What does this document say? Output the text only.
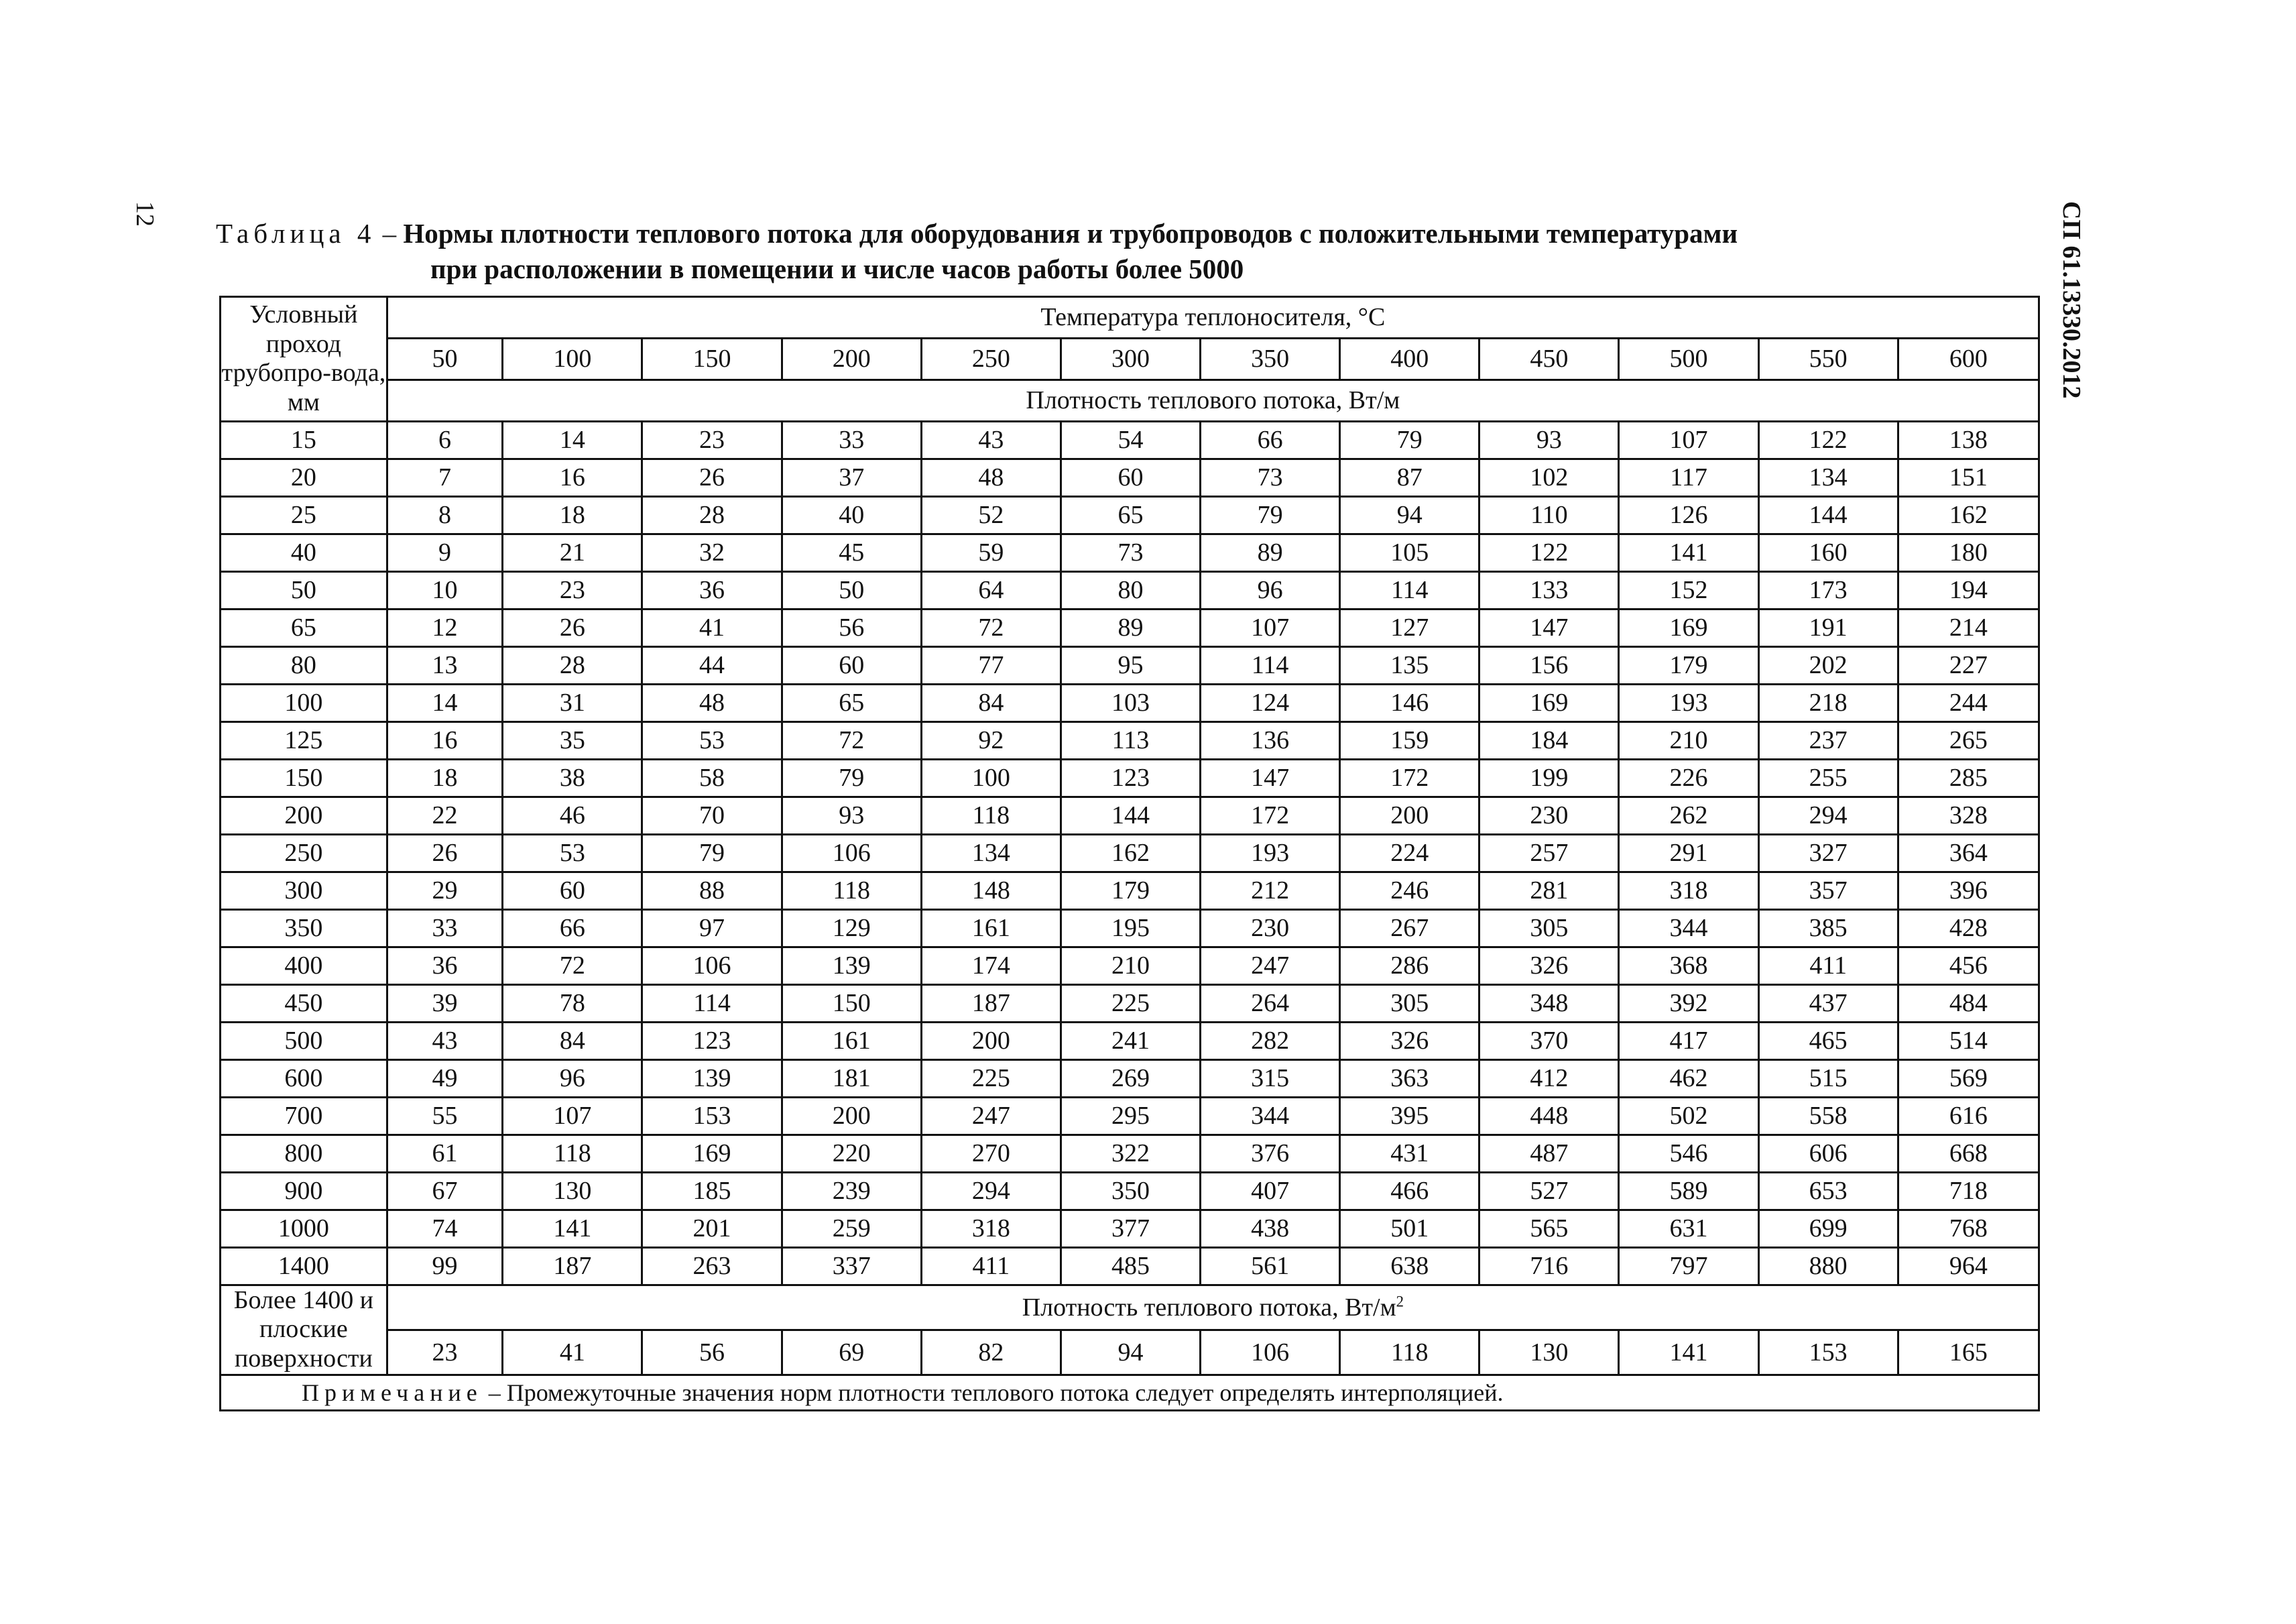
12	СП 61.13330.2012
Таблица 4 – Нормы плотности теплового потока для оборудования и трубопроводов с положительными температурами
при расположении в помещении и числе часов работы более 5000
Условный проход трубопро-вода, мм	Температура теплоносителя, °С											
	50	100	150	200	250	300	350	400	450	500	550	600
	Плотность теплового потока, Вт/м											
15	6	14	23	33	43	54	66	79	93	107	122	138
20	7	16	26	37	48	60	73	87	102	117	134	151
25	8	18	28	40	52	65	79	94	110	126	144	162
40	9	21	32	45	59	73	89	105	122	141	160	180
50	10	23	36	50	64	80	96	114	133	152	173	194
65	12	26	41	56	72	89	107	127	147	169	191	214
80	13	28	44	60	77	95	114	135	156	179	202	227
100	14	31	48	65	84	103	124	146	169	193	218	244
125	16	35	53	72	92	113	136	159	184	210	237	265
150	18	38	58	79	100	123	147	172	199	226	255	285
200	22	46	70	93	118	144	172	200	230	262	294	328
250	26	53	79	106	134	162	193	224	257	291	327	364
300	29	60	88	118	148	179	212	246	281	318	357	396
350	33	66	97	129	161	195	230	267	305	344	385	428
400	36	72	106	139	174	210	247	286	326	368	411	456
450	39	78	114	150	187	225	264	305	348	392	437	484
500	43	84	123	161	200	241	282	326	370	417	465	514
600	49	96	139	181	225	269	315	363	412	462	515	569
700	55	107	153	200	247	295	344	395	448	502	558	616
800	61	118	169	220	270	322	376	431	487	546	606	668
900	67	130	185	239	294	350	407	466	527	589	653	718
1000	74	141	201	259	318	377	438	501	565	631	699	768
1400	99	187	263	337	411	485	561	638	716	797	880	964
Более 1400 и плоские поверхности	Плотность теплового потока, $Вт/м^2$
	23	41	56	69	82	94	106	118	130	141	153	165
Примечание – Промежуточные значения норм плотности теплового потока следует определять интерполяцией.												
